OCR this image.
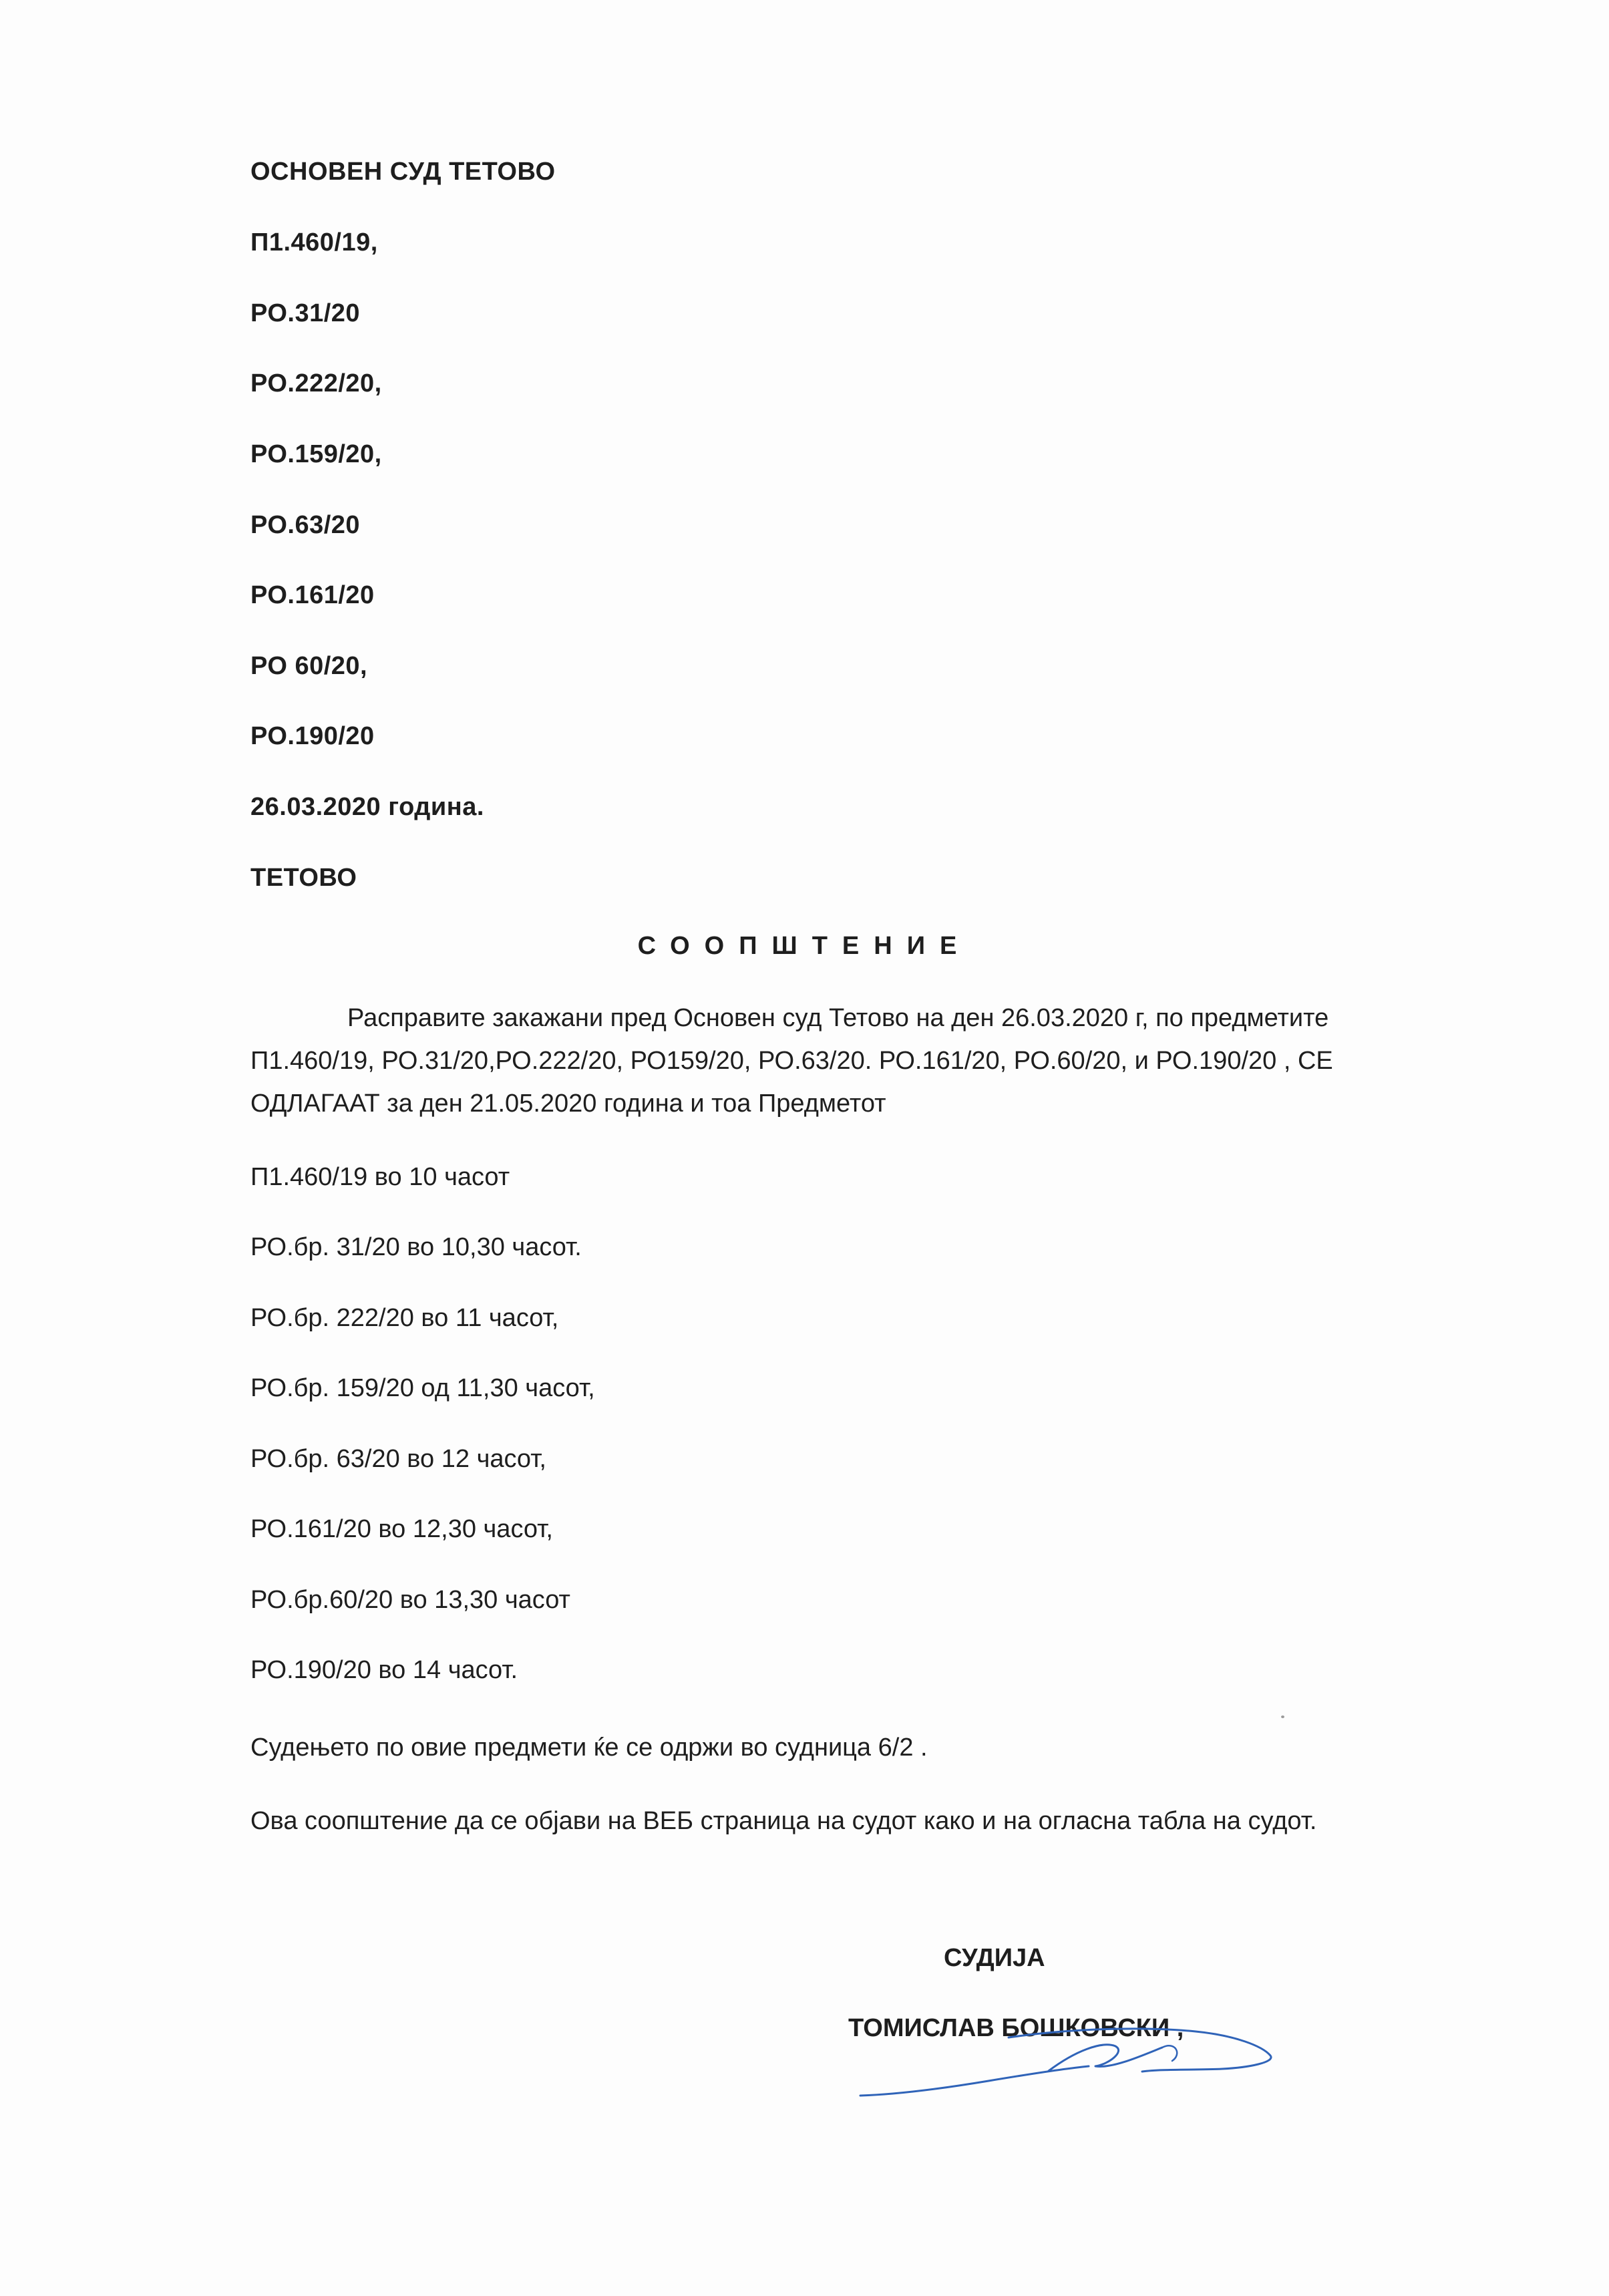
ОСНОВЕН СУД ТЕТОВО
П1.460/19,
РО.31/20
РО.222/20,
РО.159/20,
РО.63/20
РО.161/20
РО 60/20,
РО.190/20
26.03.2020 година.
ТЕТОВО
СООПШТЕНИЕ
Расправите закажани пред Основен суд Тетово на ден 26.03.2020 г, по предметите П1.460/19, РО.31/20,РО.222/20, РО159/20, РО.63/20. РО.161/20, РО.60/20, и РО.190/20 , СЕ ОДЛАГААТ за ден 21.05.2020 година и тоа Предметот
П1.460/19 во 10 часот
РО.бр. 31/20 во 10,30 часот.
РО.бр. 222/20 во 11 часот,
РО.бр. 159/20 од 11,30 часот,
РО.бр. 63/20 во 12 часот,
РО.161/20 во 12,30 часот,
РО.бр.60/20 во 13,30 часот
РО.190/20 во 14 часот.
Судењето по овие предмети ќе се одржи во судница 6/2 .
Ова соопштение да се објави на ВЕБ страница на судот како и на огласна табла на судот.
СУДИЈА
ТОМИСЛАВ БОШКОВСКИ ,
